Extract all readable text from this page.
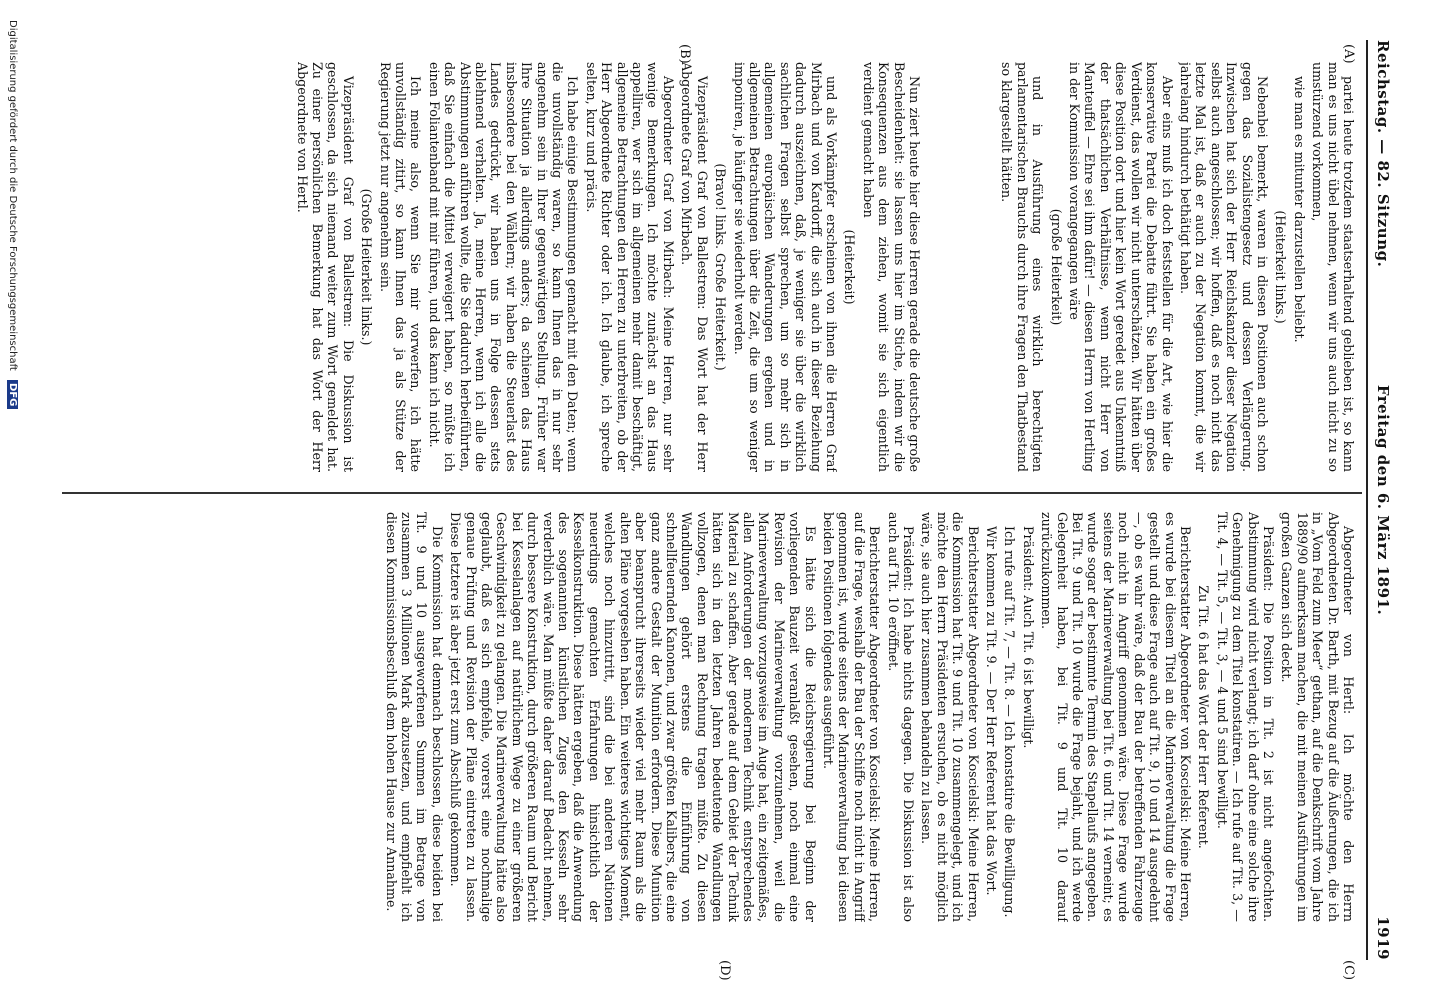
Reichstag. — 82. Sitzung.
Freitag den 6. März 1891.
1919
(A)
(B)
(C)
(D)

partei heute trotzdem staatserhaltend geblieben ist, so kann man es uns nicht übel nehmen, wenn wir uns auch nicht zu so umstürzend vorkommen,

wie man es mitunter darzustellen beliebt.

(Heiterkeit links.)

Nebenbei bemerkt, waren in diesen Positionen auch schon gegen das Sozialistengesetz und dessen Verlängerung. Inzwischen hat sich der Herr Reichskanzler dieser Negation selbst auch angeschlossen; wir hoffen, daß es noch nicht das letzte Mal ist, daß er auch zu der Negation kommt, die wir jahrelang hindurch bethätigt haben.

Aber eins muß ich doch feststellen für die Art, wie hier die konservative Partei die Debatte führt. Sie haben ein großes Verdienst, das wollen wir nicht unterschätzen. Wir hätten über diese Position dort und hier kein Wort geredet aus Unkenntniß der thatsächlichen Verhältnisse, wenn nicht Herr von Manteuffel — Ehre sei ihm dafür! — diesen Herrn von Hertling in der Kommission vorangegangen wäre

(große Heiterkeit)

und in Ausführung eines wirklich berechtigten parlamentarischen Brauchs durch ihre Fragen den Thatbestand so klargestellt hätten.

Nun ziert heute hier diese Herren gerade die deutsche große Bescheidenheit: sie lassen uns hier im Stiche, indem wir die Konsequenzen aus dem ziehen, womit sie sich eigentlich verdient gemacht haben

(Heiterkeit)

und als Vorkämpfer erscheinen von ihnen die Herren Graf Mirbach und von Kardorff, die sich auch in dieser Beziehung dadurch auszeichnen, daß, je weniger sie über die wirklich sachlichen Fragen selbst sprechen, um so mehr sich in allgemeinen europäischen Wanderungen ergehen und in allgemeinen Betrachtungen über die Zeit, die um so weniger imponiren, je häufiger sie wiederholt werden.

(Bravo! links. Große Heiterkeit.)

Vizepräsident Graf von Ballestrem: Das Wort hat der Herr Abgeordnete Graf von Mirbach.

Abgeordneter Graf von Mirbach: Meine Herren, nur sehr wenige Bemerkungen. Ich möchte zunächst an das Haus appelliren, wer sich im allgemeinen mehr damit beschäftigt, allgemeine Betrachtungen den Herren zu unterbreiten, ob der Herr Abgeordnete Richter oder ich. Ich glaube, ich spreche selten, kurz und präcis.

Ich habe einige Bestimmungen gemacht mit den Daten; wenn die unvollständig waren, so kann Ihnen das in nur sehr angenehm sein in Ihrer gegenwärtigen Stellung. Früher war Ihre Situation ja allerdings anders; da schienen das Haus insbesondere bei den Wählern; wir haben die Steuerlast des Landes gedrückt, wir haben uns in Folge dessen stets ablehnend verhalten. Ja, meine Herren, wenn ich alle die Abstimmungen anführen wollte, die Sie dadurch herbeiführten, daß Sie einfach die Mittel verweigert haben, so müßte ich einen Foliantenband mit mir führen, und das kann ich nicht.

Ich meine also, wenn Sie mir vorwerfen, ich hätte unvollständig zitirt, so kann Ihnen das ja als Stütze der Regierung jetzt nur angenehm sein.

(Große Heiterkeit links.)

Vizepräsident Graf von Ballestrem: Die Diskussion ist geschlossen, da sich niemand weiter zum Wort gemeldet hat. Zu einer persönlichen Bemerkung hat das Wort der Herr Abgeordnete von Hertl.

Abgeordneter von Hertl: Ich möchte den Herrn Abgeordneten Dr. Barth, mit Bezug auf die Äußerungen, die ich in „Vom Feld zum Meer“ gethan, auf die Denkschrift vom Jahre 1889/90 aufmerksam machen, die mit meinen Ausführungen im großen Ganzen sich deckt.

Präsident: Die Position in Tit. 2 ist nicht angefochten. Abstimmung wird nicht verlangt; ich darf ohne eine solche ihre Genehmigung zu dem Titel konstatiren. — Ich rufe auf Tit. 3, — Tit. 4, — Tit. 5, — Tit. 3, — 4 und 5 sind bewilligt.

Zu Tit. 6 hat das Wort der Herr Referent.

Berichterstatter Abgeordneter von Koscielski: Meine Herren, es wurde bei diesem Titel an die Marineverwaltung die Frage gestellt und diese Frage auch auf Tit. 9, 10 und 14 ausgedehnt —, ob es wahr wäre, daß der Bau der betreffenden Fahrzeuge noch nicht in Angriff genommen wäre. Diese Frage wurde seitens der Marineverwaltung bei Tit. 6 und Tit. 14 verneint; es wurde sogar der bestimmte Termin des Stapellaufs angegeben. Bei Tit. 9 und Tit. 10 wurde die Frage bejaht, und ich werde Gelegenheit haben, bei Tit. 9 und Tit. 10 darauf zurückzukommen.

Präsident: Auch Tit. 6 ist bewilligt.

Ich rufe auf Tit. 7, — Tit. 8. — Ich konstatire die Bewilligung.

Wir kommen zu Tit. 9. — Der Herr Referent hat das Wort.

Berichterstatter Abgeordneter von Koscielski: Meine Herren, die Kommission hat Tit. 9 und Tit. 10 zusammengelegt, und ich möchte den Herrn Präsidenten ersuchen, ob es nicht möglich wäre, sie auch hier zusammen behandeln zu lassen.

Präsident: Ich habe nichts dagegen. Die Diskussion ist also auch auf Tit. 10 eröffnet.

Berichterstatter Abgeordneter von Koscielski: Meine Herren, auf die Frage, weshalb der Bau der Schiffe noch nicht in Angriff genommen ist, wurde seitens der Marineverwaltung bei diesen beiden Positionen folgendes ausgeführt.

Es hätte sich die Reichsregierung bei Beginn der vorliegenden Bauzeit veranlaßt gesehen, noch einmal eine Revision der Marineverwaltung vorzunehmen, weil die Marineverwaltung vorzugsweise im Auge hat, ein zeitgemäßes, allen Anforderungen der modernen Technik entsprechendes Material zu schaffen. Aber gerade auf dem Gebiet der Technik hätten sich in den letzten Jahren bedeutende Wandlungen vollzogen, denen man Rechnung tragen müßte. Zu diesen Wandlungen gehört erstens die Einführung von schnellfeuernden Kanonen, und zwar größten Kalibers, die eine ganz andere Gestalt der Munition erfordern. Diese Munition aber beansprucht ihrerseits wieder viel mehr Raum als die alten Pläne vorgesehen haben. Ein weiteres wichtiges Moment, welches noch hinzutritt, sind die bei anderen Nationen neuerdings gemachten Erfahrungen hinsichtlich der Kesselkonstruktion. Diese hätten ergeben, daß die Anwendung des sogenannten künstlichen Zuges den Kesseln sehr verderblich wäre. Man müßte daher darauf Bedacht nehmen, durch bessere Konstruktion, durch größeren Raum und Bericht bei Kesselanlagen auf natürlichem Wege zu einer größeren Geschwindigkeit zu gelangen. Die Marineverwaltung hätte also geglaubt, daß es sich empfehle, vorerst eine nochmalige genaue Prüfung und Revision der Pläne eintreten zu lassen. Diese letztere ist aber jetzt erst zum Abschluß gekommen.

Die Kommission hat demnach beschlossen, diese beiden bei Tit. 9 und 10 ausgeworfenen Summen im Betrage von zusammen 3 Millionen Mark abzusetzen, und empfiehlt ich diesen Kommissionsbeschluß dem hohen Hause zur Annahme.

Digitalisierung gefördert durch die Deutsche Forschungsgemeinschaft DFG
